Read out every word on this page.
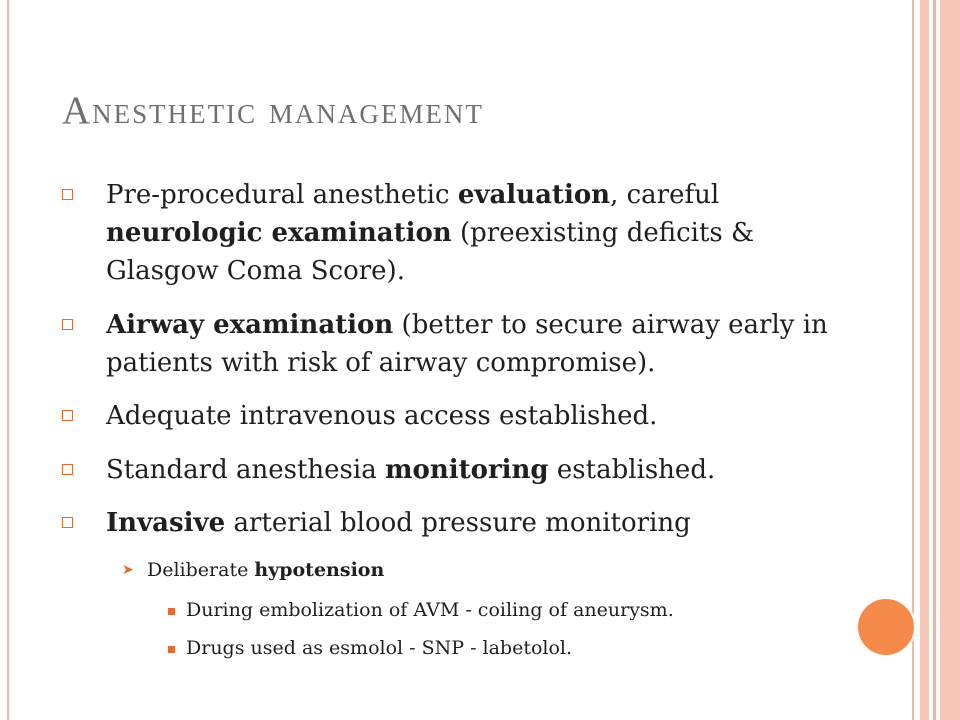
Anesthetic management
Pre-procedural anesthetic evaluation, careful neurologic examination (preexisting deficits & Glasgow Coma Score).
Airway examination (better to secure airway early in patients with risk of airway compromise).
Adequate intravenous access established.
Standard anesthesia monitoring established.
Invasive arterial blood pressure monitoring
➤ Deliberate hypotension
During embolization of AVM - coiling of aneurysm.
Drugs used as esmolol - SNP - labetolol.
